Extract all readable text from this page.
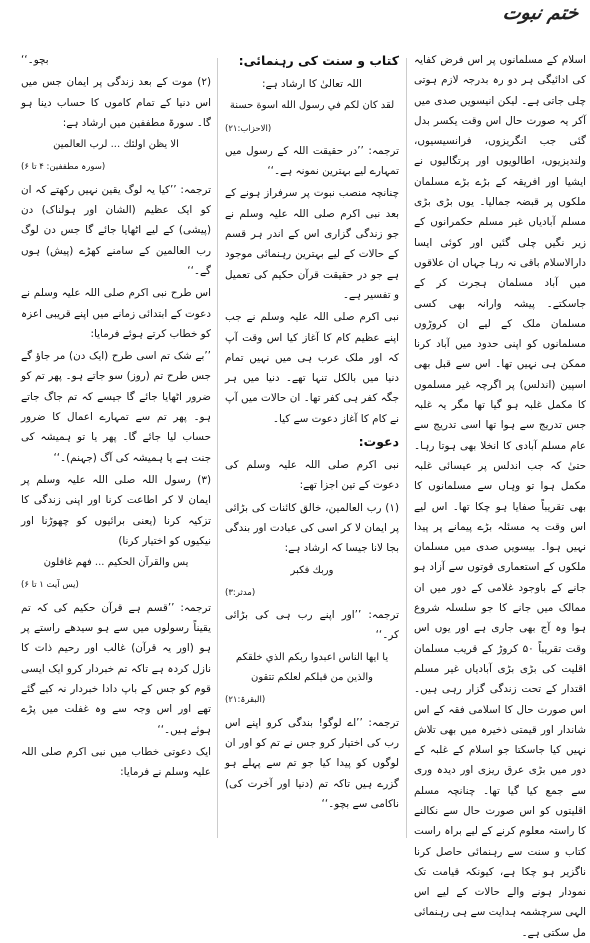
ختم نبوت

اسلام کے مسلمانوں پر اس فرض کفایہ کی ادائیگی ہر دو رہ بدرجہ لازم ہوتی چلی جاتی ہے۔ لیکن انیسویں صدی میں آکر یہ صورت حال اس وقت یکسر بدل گئی جب انگریزوں، فرانسیسیوں، ولندیزیوں، اطالویوں اور پرتگالیوں نے ایشیا اور افریقہ کے بڑے بڑے مسلمان ملکوں پر قبضہ جمالیا۔ یوں بڑی بڑی مسلم آبادیاں غیر مسلم حکمرانوں کے زیر نگیں چلی گئیں اور کوئی ایسا دارالاسلام باقی نہ رہا جہاں ان علاقوں میں آباد مسلمان ہجرت کر کے جاسکتے۔ پیشہ وارانہ بھی کسی مسلمان ملک کے لیے ان کروڑوں مسلمانوں کو اپنی حدود میں آباد کرنا ممکن ہی نہیں تھا۔ اس سے قبل بھی اسپین (اندلس) پر اگرچہ غیر مسلموں کا مکمل غلبہ ہو گیا تھا مگر یہ غلبہ جس تدریج سے ہوا تھا اسی تدریج سے عام مسلم آبادی کا انخلا بھی ہوتا رہا۔ حتیٰ کہ جب اندلس پر عیسائی غلبہ مکمل ہوا تو وہاں سے مسلمانوں کا بھی تقریباً صفایا ہو چکا تھا۔ اس لیے اس وقت یہ مسئلہ بڑے پیمانے پر پیدا نہیں ہوا۔ بیسویں صدی میں مسلمان ملکوں کے استعماری قوتوں سے آزاد ہو جانے کے باوجود غلامی کے دور میں ان ممالک میں جانے کا جو سلسلہ شروع ہوا وہ آج بھی جاری ہے اور یوں اس وقت تقریباً ۵۰ کروڑ کے قریب مسلمان اقلیت کی بڑی بڑی آبادیاں غیر مسلم اقتدار کے تحت زندگی گزار رہی ہیں۔ اس صورت حال کا اسلامی فقہ کے اس شاندار اور قیمتی ذخیرہ میں بھی تلاش نہیں کیا جاسکتا جو اسلام کے غلبہ کے دور میں بڑی عرق ریزی اور دیدہ وری سے جمع کیا گیا تھا۔ چنانچہ مسلم اقلیتوں کو اس صورت حال سے نکالنے کا راستہ معلوم کرنے کے لیے براہ راست کتاب و سنت سے رہنمائی حاصل کرنا ناگزیر ہو چکا ہے، کیونکہ قیامت تک نمودار ہونے والے حالات کے لیے اس الہی سرچشمہ ہدایت سے ہی رہنمائی مل سکتی ہے۔

کتاب و سنت کی رہنمائی:

اللہ تعالیٰ کا ارشاد ہے:

لقد كان لكم في رسول الله اسوة حسنة

(الاحزاب:۲۱)

ترجمہ: ’’در حقیقت اللہ کے رسول میں تمہارے لیے بہترین نمونہ ہے۔‘‘

چنانچہ منصب نبوت پر سرفراز ہونے کے بعد نبی اکرم صلی اللہ علیہ وسلم نے جو زندگی گزاری اس کے اندر ہر قسم کے حالات کے لیے بہترین رہنمائی موجود ہے جو در حقیقت قرآن حکیم کی تعمیل و تفسیر ہے۔

نبی اکرم صلی اللہ علیہ وسلم نے جب اپنے عظیم کام کا آغاز کیا اس وقت آپ کہ اور ملک عرب ہی میں نہیں تمام دنیا میں بالکل تنہا تھے۔ دنیا میں ہر جگہ کفر ہی کفر تھا۔ ان حالات میں آپ نے کام کا آغاز دعوت سے کیا۔

دعوت:

نبی اکرم صلی اللہ علیہ وسلم کی دعوت کے تین اجزا تھے:

(۱) رب العالمین، خالق کائنات کی بڑائی پر ایمان لا کر اسی کی عبادت اور بندگی بجا لانا جیسا کہ ارشاد ہے:

وربك فكبر

(مدثر:۳)

ترجمہ: ’’اور اپنے رب ہی کی بڑائی کر۔‘‘

يا ايها الناس اعبدوا ربكم الذي خلقكم والذين من قبلكم لعلكم تتقون

(البقرۃ:۲۱)

ترجمہ: ’’اے لوگو! بندگی کرو اپنے اس رب کی اختیار کرو جس نے تم کو اور ان لوگوں کو پیدا کیا جو تم سے پہلے ہو گزرے ہیں تاکہ تم (دنیا اور آخرت کی) ناکامی سے بچو۔‘‘

بچو۔‘‘

(۲) موت کے بعد زندگی پر ایمان جس میں اس دنیا کے تمام کاموں کا حساب دینا ہو گا۔ سورۃ مطففین میں ارشاد ہے:

الا يظن اولئك ... لرب العالمين

(سورہ مطففین: ۴ تا ۶)

ترجمہ: ’’کیا یہ لوگ یقین نہیں رکھتے کہ ان کو ایک عظیم (الشان اور ہولناک) دن (پیشی) کے لیے اٹھایا جائے گا جس دن لوگ رب العالمین کے سامنے کھڑے (پیش) ہوں گے۔‘‘

اس طرح نبی اکرم صلی اللہ علیہ وسلم نے دعوت کے ابتدائی زمانے میں اپنے قریبی اعزہ کو خطاب کرتے ہوئے فرمایا:

’’بے شک تم اسی طرح (ایک دن) مر جاؤ گے جس طرح تم (روز) سو جاتے ہو۔ پھر تم کو ضرور اٹھایا جائے گا جیسے کہ تم جاگ جاتے ہو۔ پھر تم سے تمہارے اعمال کا ضرور حساب لیا جائے گا۔ پھر یا تو ہمیشہ کی جنت ہے یا ہمیشہ کی آگ (جہنم)۔‘‘

(۳) رسول اللہ صلی اللہ علیہ وسلم پر ایمان لا کر اطاعت کرنا اور اپنی زندگی کا تزکیہ کرنا (یعنی برائیوں کو چھوڑنا اور نیکیوں کو اختیار کرنا)

يس والقرآن الحكيم ... فهم غافلون

(یس آیت ۱ تا ۶)

ترجمہ: ’’قسم ہے قرآن حکیم کی کہ تم یقیناً رسولوں میں سے ہو سیدھے راستے پر ہو (اور یہ قرآن) غالب اور رحیم ذات کا نازل کردہ ہے تاکہ تم خبردار کرو ایک ایسی قوم کو جس کے باپ دادا خبردار نہ کیے گئے تھے اور اس وجہ سے وہ غفلت میں پڑے ہوئے ہیں۔‘‘

ایک دعوتی خطاب میں نبی اکرم صلی اللہ علیہ وسلم نے فرمایا:
